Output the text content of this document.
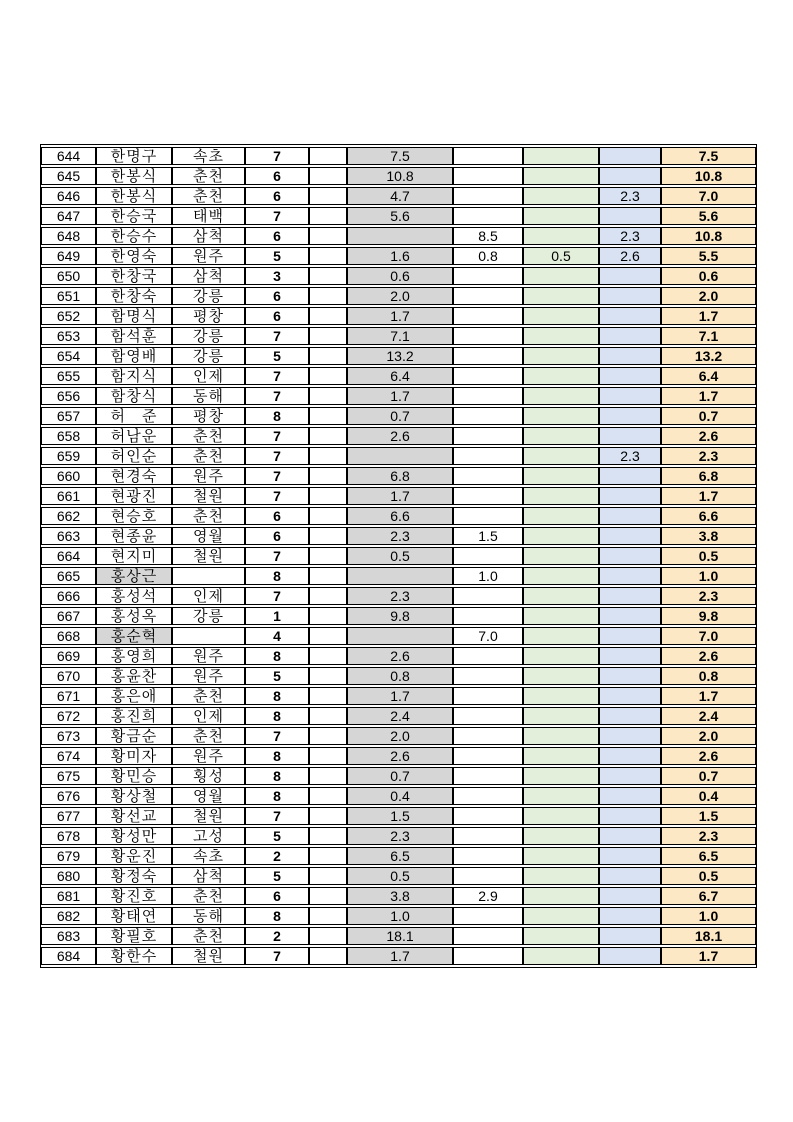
644	한명구	속초	7		7.5				7.5
645	한봉식	춘천	6		10.8				10.8
646	한봉식	춘천	6		4.7			2.3	7.0
647	한승국	태백	7		5.6				5.6
648	한승수	삼척	6			8.5		2.3	10.8
649	한영숙	원주	5		1.6	0.8	0.5	2.6	5.5
650	한창국	삼척	3		0.6				0.6
651	한창숙	강릉	6		2.0				2.0
652	함명식	평창	6		1.7				1.7
653	함석훈	강릉	7		7.1				7.1
654	함영배	강릉	5		13.2				13.2
655	함지식	인제	7		6.4				6.4
656	함창식	동해	7		1.7				1.7
657	허　준	평창	8		0.7				0.7
658	허남운	춘천	7		2.6				2.6
659	허인순	춘천	7					2.3	2.3
660	현경숙	원주	7		6.8				6.8
661	현광진	철원	7		1.7				1.7
662	현승호	춘천	6		6.6				6.6
663	현종윤	영월	6		2.3	1.5			3.8
664	현지미	철원	7		0.5				0.5
665	홍상근		8			1.0			1.0
666	홍성석	인제	7		2.3				2.3
667	홍성옥	강릉	1		9.8				9.8
668	홍순혁		4			7.0			7.0
669	홍영희	원주	8		2.6				2.6
670	홍윤찬	원주	5		0.8				0.8
671	홍은애	춘천	8		1.7				1.7
672	홍진희	인제	8		2.4				2.4
673	황금순	춘천	7		2.0				2.0
674	황미자	원주	8		2.6				2.6
675	황민승	횡성	8		0.7				0.7
676	황상철	영월	8		0.4				0.4
677	황선교	철원	7		1.5				1.5
678	황성만	고성	5		2.3				2.3
679	황운진	속초	2		6.5				6.5
680	황정숙	삼척	5		0.5				0.5
681	황진호	춘천	6		3.8	2.9			6.7
682	황태연	동해	8		1.0				1.0
683	황필호	춘천	2		18.1				18.1
684	황한수	철원	7		1.7				1.7
